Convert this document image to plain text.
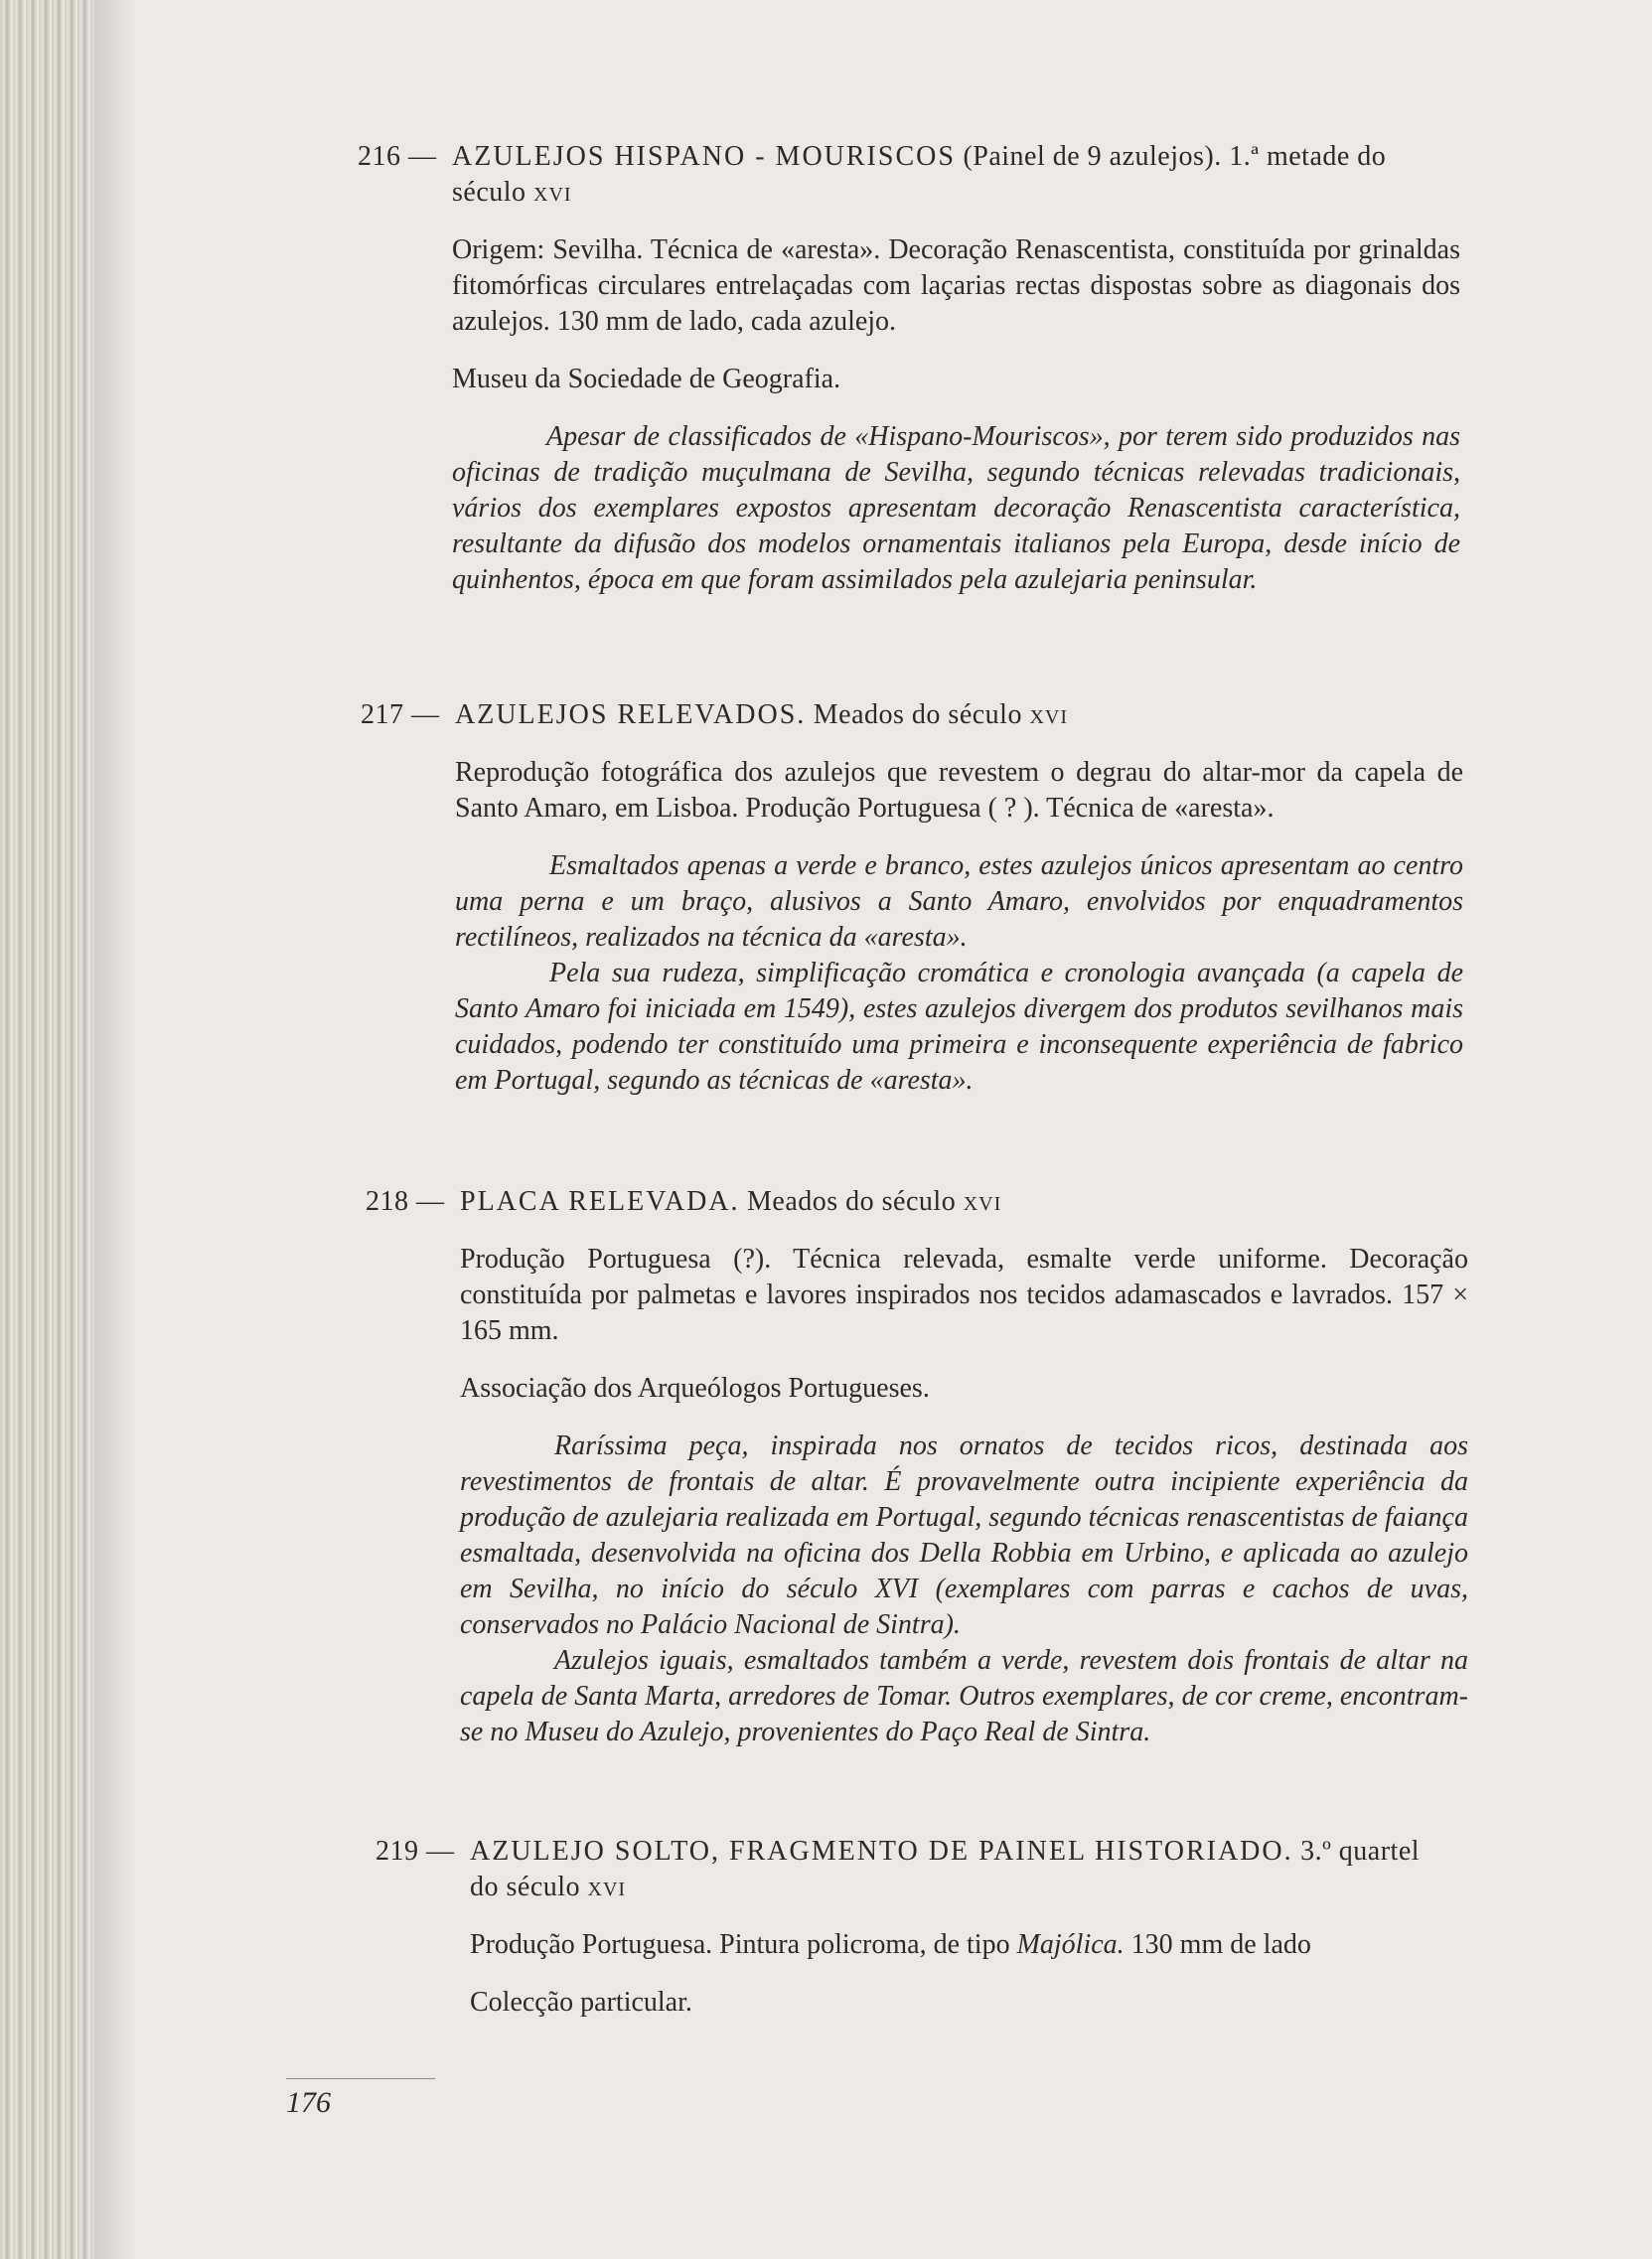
216 — AZULEJOS HISPANO - MOURISCOS (Painel de 9 azulejos). 1.ª metade do
século xvi

Origem: Sevilha. Técnica de «aresta». Decoração Renascentista, constituída por grinaldas fitomórficas circulares entrelaçadas com laçarias rectas dispostas sobre as diagonais dos azulejos. 130 mm de lado, cada azulejo.

Museu da Sociedade de Geografia.

Apesar de classificados de «Hispano-Mouriscos», por terem sido produzidos nas oficinas de tradição muçulmana de Sevilha, segundo técnicas relevadas tradicionais, vários dos exemplares expostos apresentam decoração Renascentista característica, resultante da difusão dos modelos ornamentais italianos pela Europa, desde início de quinhentos, época em que foram assimilados pela azulejaria peninsular.

217 — AZULEJOS RELEVADOS. Meados do século xvi

Reprodução fotográfica dos azulejos que revestem o degrau do altar-mor da capela de Santo Amaro, em Lisboa. Produção Portuguesa ( ? ). Técnica de «aresta».

Esmaltados apenas a verde e branco, estes azulejos únicos apresentam ao centro uma perna e um braço, alusivos a Santo Amaro, envolvidos por enquadramentos rectilíneos, realizados na técnica da «aresta».

Pela sua rudeza, simplificação cromática e cronologia avançada (a capela de Santo Amaro foi iniciada em 1549), estes azulejos divergem dos produtos sevilhanos mais cuidados, podendo ter constituído uma primeira e inconsequente experiência de fabrico em Portugal, segundo as técnicas de «aresta».

218 — PLACA RELEVADA. Meados do século xvi

Produção Portuguesa (?). Técnica relevada, esmalte verde uniforme. Decoração constituída por palmetas e lavores inspirados nos tecidos adamascados e lavrados. 157 × 165 mm.

Associação dos Arqueólogos Portugueses.

Raríssima peça, inspirada nos ornatos de tecidos ricos, destinada aos revestimentos de frontais de altar. É provavelmente outra incipiente experiência da produção de azulejaria realizada em Portugal, segundo técnicas renascentistas de faiança esmaltada, desenvolvida na oficina dos Della Robbia em Urbino, e aplicada ao azulejo em Sevilha, no início do século XVI (exemplares com parras e cachos de uvas, conservados no Palácio Nacional de Sintra).

Azulejos iguais, esmaltados também a verde, revestem dois frontais de altar na capela de Santa Marta, arredores de Tomar. Outros exemplares, de cor creme, encontram-se no Museu do Azulejo, provenientes do Paço Real de Sintra.

219 — AZULEJO SOLTO, FRAGMENTO DE PAINEL HISTORIADO. 3.º quartel
do século xvi

Produção Portuguesa. Pintura policroma, de tipo Majólica. 130 mm de lado

Colecção particular.

176
